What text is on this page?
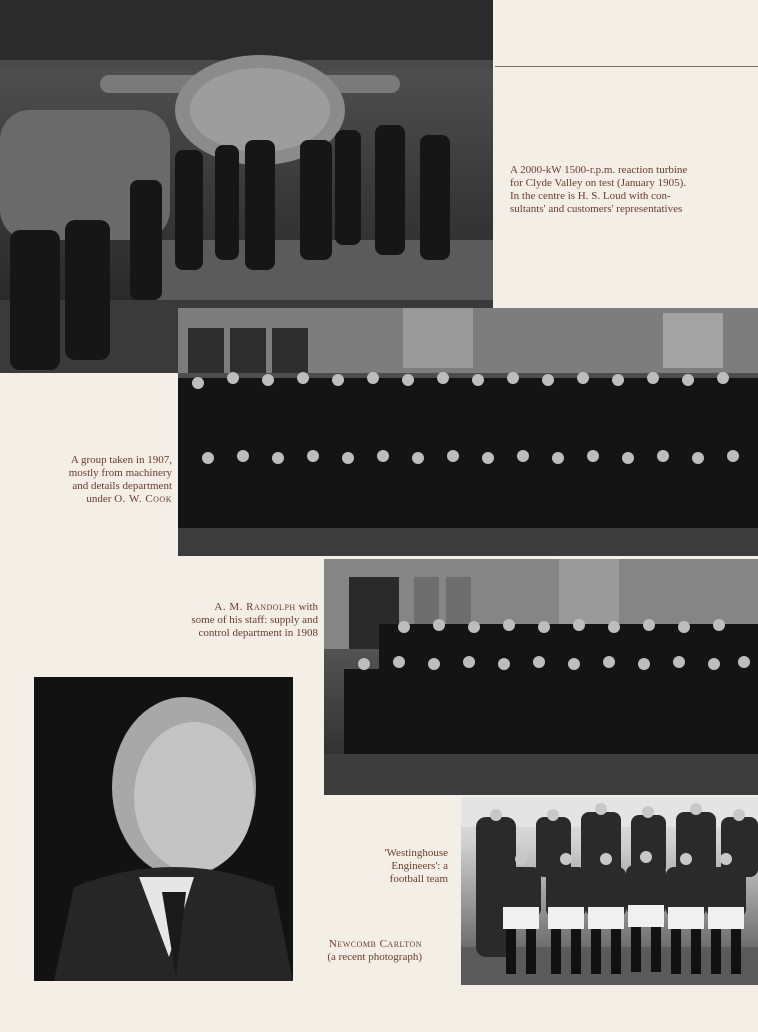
A 2000-kW 1500-r.p.m. reaction turbine
for Clyde Valley on test (January 1905).
In the centre is H. S. Loud with con-
sultants' and customers' representatives
A group taken in 1907,
mostly from machinery
and details department
under O. W. Cook
A. M. Randolph with
some of his staff: supply and
control department in 1908
'Westinghouse
Engineers': a
football team
Newcomb Carlton
(a recent photograph)
